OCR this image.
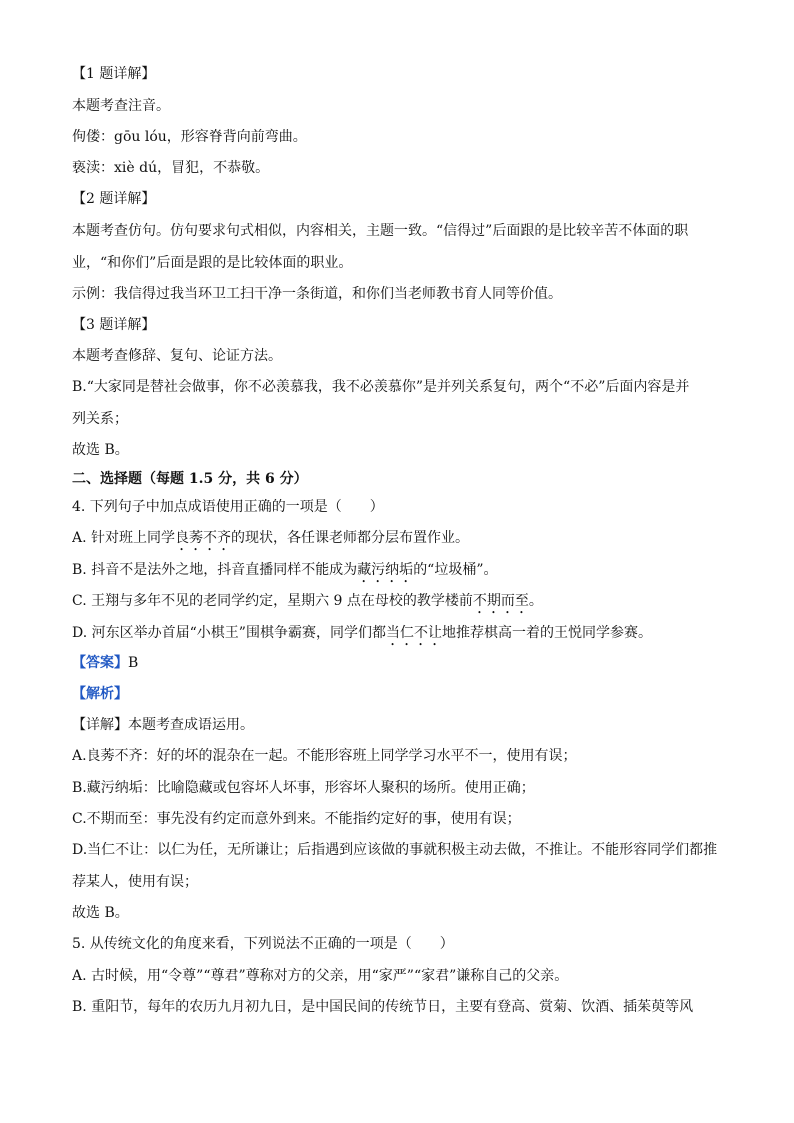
【1 题详解】
本题考查注音。
佝偻：gōu lóu，形容脊背向前弯曲。
亵渎：xiè dú，冒犯，不恭敬。
【2 题详解】
本题考查仿句。仿句要求句式相似，内容相关，主题一致。“信得过”后面跟的是比较辛苦不体面的职
业，“和你们”后面是跟的是比较体面的职业。
示例：我信得过我当环卫工扫干净一条街道，和你们当老师教书育人同等价值。
【3 题详解】
本题考查修辞、复句、论证方法。
B.“大家同是替社会做事，你不必羡慕我，我不必羡慕你”是并列关系复句，两个“不必”后面内容是并
列关系；
故选 B。
二、选择题（每题 1.5 分，共 6 分）
4. 下列句子中加点成语使用正确的一项是（　　）
A. 针对班上同学良莠不齐的现状，各任课老师都分层布置作业。
B. 抖音不是法外之地，抖音直播同样不能成为藏污纳垢的“垃圾桶”。
C. 王翔与多年不见的老同学约定，星期六 9 点在母校的教学楼前不期而至。
D. 河东区举办首届“小棋王”围棋争霸赛，同学们都当仁不让地推荐棋高一着的王悦同学参赛。
【答案】B
【解析】
【详解】本题考查成语运用。
A.良莠不齐：好的坏的混杂在一起。不能形容班上同学学习水平不一，使用有误；
B.藏污纳垢：比喻隐藏或包容坏人坏事，形容坏人聚积的场所。使用正确；
C.不期而至：事先没有约定而意外到来。不能指约定好的事，使用有误；
D.当仁不让：以仁为任，无所谦让；后指遇到应该做的事就积极主动去做，不推让。不能形容同学们都推
荐某人，使用有误；
故选 B。
5. 从传统文化的角度来看，下列说法不正确的一项是（　　）
A. 古时候，用“令尊”“尊君”尊称对方的父亲，用“家严”“家君”谦称自己的父亲。
B. 重阳节，每年的农历九月初九日，是中国民间的传统节日，主要有登高、赏菊、饮酒、插茱萸等风
